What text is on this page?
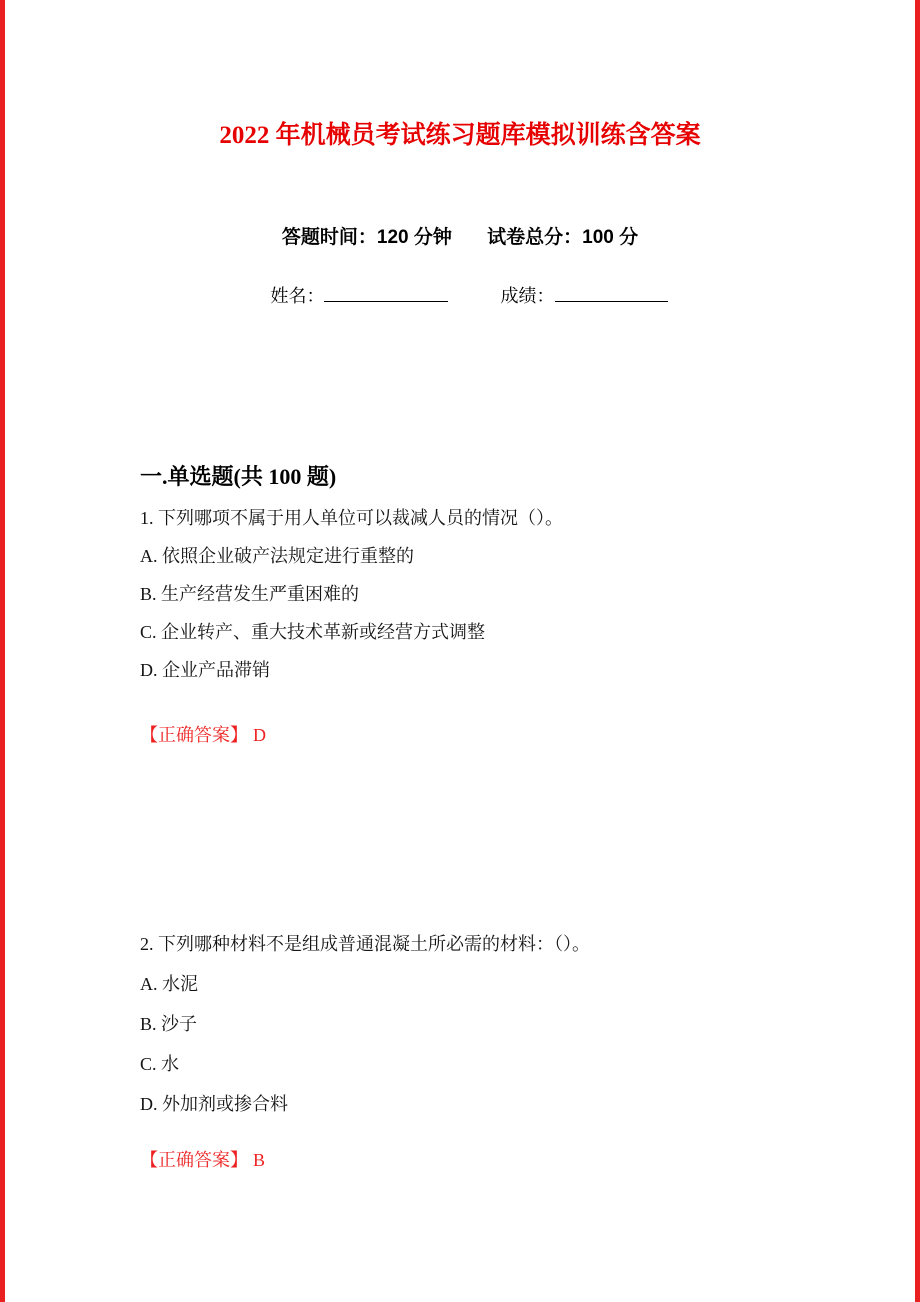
2022 年机械员考试练习题库模拟训练含答案
答题时间：120 分钟 试卷总分：100 分
姓名：	成绩：
一.单选题(共 100 题)

1. 下列哪项不属于用人单位可以裁减人员的情况（）。

A. 依照企业破产法规定进行重整的

B. 生产经营发生严重困难的

C. 企业转产、重大技术革新或经营方式调整

D. 企业产品滞销

【正确答案】 D

2. 下列哪种材料不是组成普通混凝土所必需的材料：（）。

A. 水泥

B. 沙子

C. 水

D. 外加剂或掺合料

【正确答案】 B
